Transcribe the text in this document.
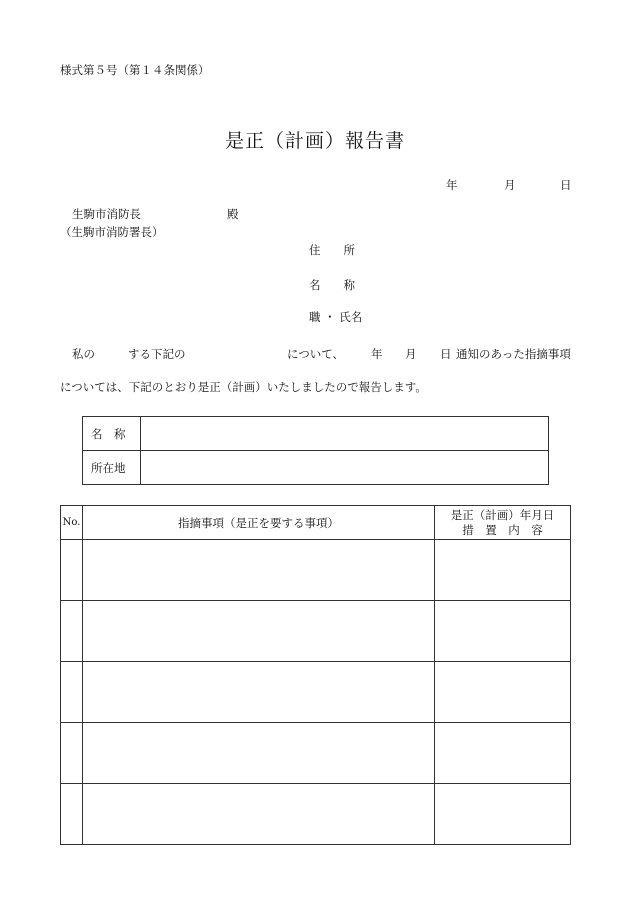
様式第５号（第１４条関係）
是正（計画）報告書
年	月	日
生駒市消防長	殿
（生駒市消防署長）
住　　所
名　　称
職 ・ 氏名
私の	する下記の	について、 年 月 日 通知のあった指摘事項
については、下記のとおり是正（計画）いたしましたので報告します。
名　称	
所在地	
No.	指摘事項（是正を要する事項）	是正（計画）年月日
措　置　内　容
